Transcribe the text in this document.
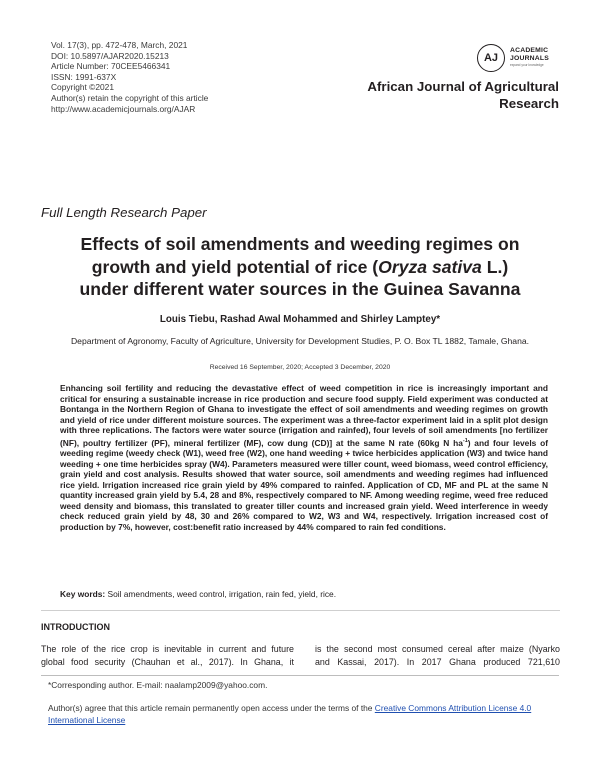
Vol. 17(3), pp. 472-478, March, 2021
DOI: 10.5897/AJAR2020.15213
Article Number: 70CEE5466341
ISSN: 1991-637X
Copyright ©2021
Author(s) retain the copyright of this article
http://www.academicjournals.org/AJAR
AJ
ACADEMIC
JOURNALS
expand your knowledge
African Journal of Agricultural
Research
Full Length Research Paper
Effects of soil amendments and weeding regimes on
growth and yield potential of rice (Oryza sativa L.)
under different water sources in the Guinea Savanna
Louis Tiebu, Rashad Awal Mohammed and Shirley Lamptey*
Department of Agronomy, Faculty of Agriculture, University for Development Studies, P. O. Box TL 1882, Tamale, Ghana.
Received 16 September, 2020; Accepted 3 December, 2020
Enhancing soil fertility and reducing the devastative effect of weed competition in rice is increasingly important and critical for ensuring a sustainable increase in rice production and secure food supply. Field experiment was conducted at Bontanga in the Northern Region of Ghana to investigate the effect of soil amendments and weeding regimes on growth and yield of rice under different moisture sources. The experiment was a three-factor experiment laid in a split plot design with three replications. The factors were water source (irrigation and rainfed), four levels of soil amendments [no fertilizer (NF), poultry fertilizer (PF), mineral fertilizer (MF), cow dung (CD)] at the same N rate (60kg N $ha^{-1}$) and four levels of weeding regime (weedy check (W1), weed free (W2), one hand weeding + twice herbicides application (W3) and twice hand weeding + one time herbicides spray (W4). Parameters measured were tiller count, weed biomass, weed control efficiency, grain yield and cost analysis. Results showed that water source, soil amendments and weeding regimes had influenced rice yield. Irrigation increased rice grain yield by 49% compared to rainfed. Application of CD, MF and PL at the same N quantity increased grain yield by 5.4, 28 and 8%, respectively compared to NF. Among weeding regime, weed free reduced weed density and biomass, this translated to greater tiller counts and increased grain yield. Weed interference in weedy check reduced grain yield by 48, 30 and 26% compared to W2, W3 and W4, respectively. Irrigation increased cost of production by 7%, however, cost:benefit ratio increased by 44% compared to rain fed conditions.
Key words: Soil amendments, weed control, irrigation, rain fed, yield, rice.
INTRODUCTION
The role of the rice crop is inevitable in current and future
global food security (Chauhan et al., 2017). In Ghana, it
is the second most consumed cereal after maize (Nyarko
and Kassai, 2017). In 2017 Ghana produced 721,610
*Corresponding author. E-mail: naalamp2009@yahoo.com.
Author(s) agree that this article remain permanently open access under the terms of the Creative Commons Attribution License 4.0 International License
